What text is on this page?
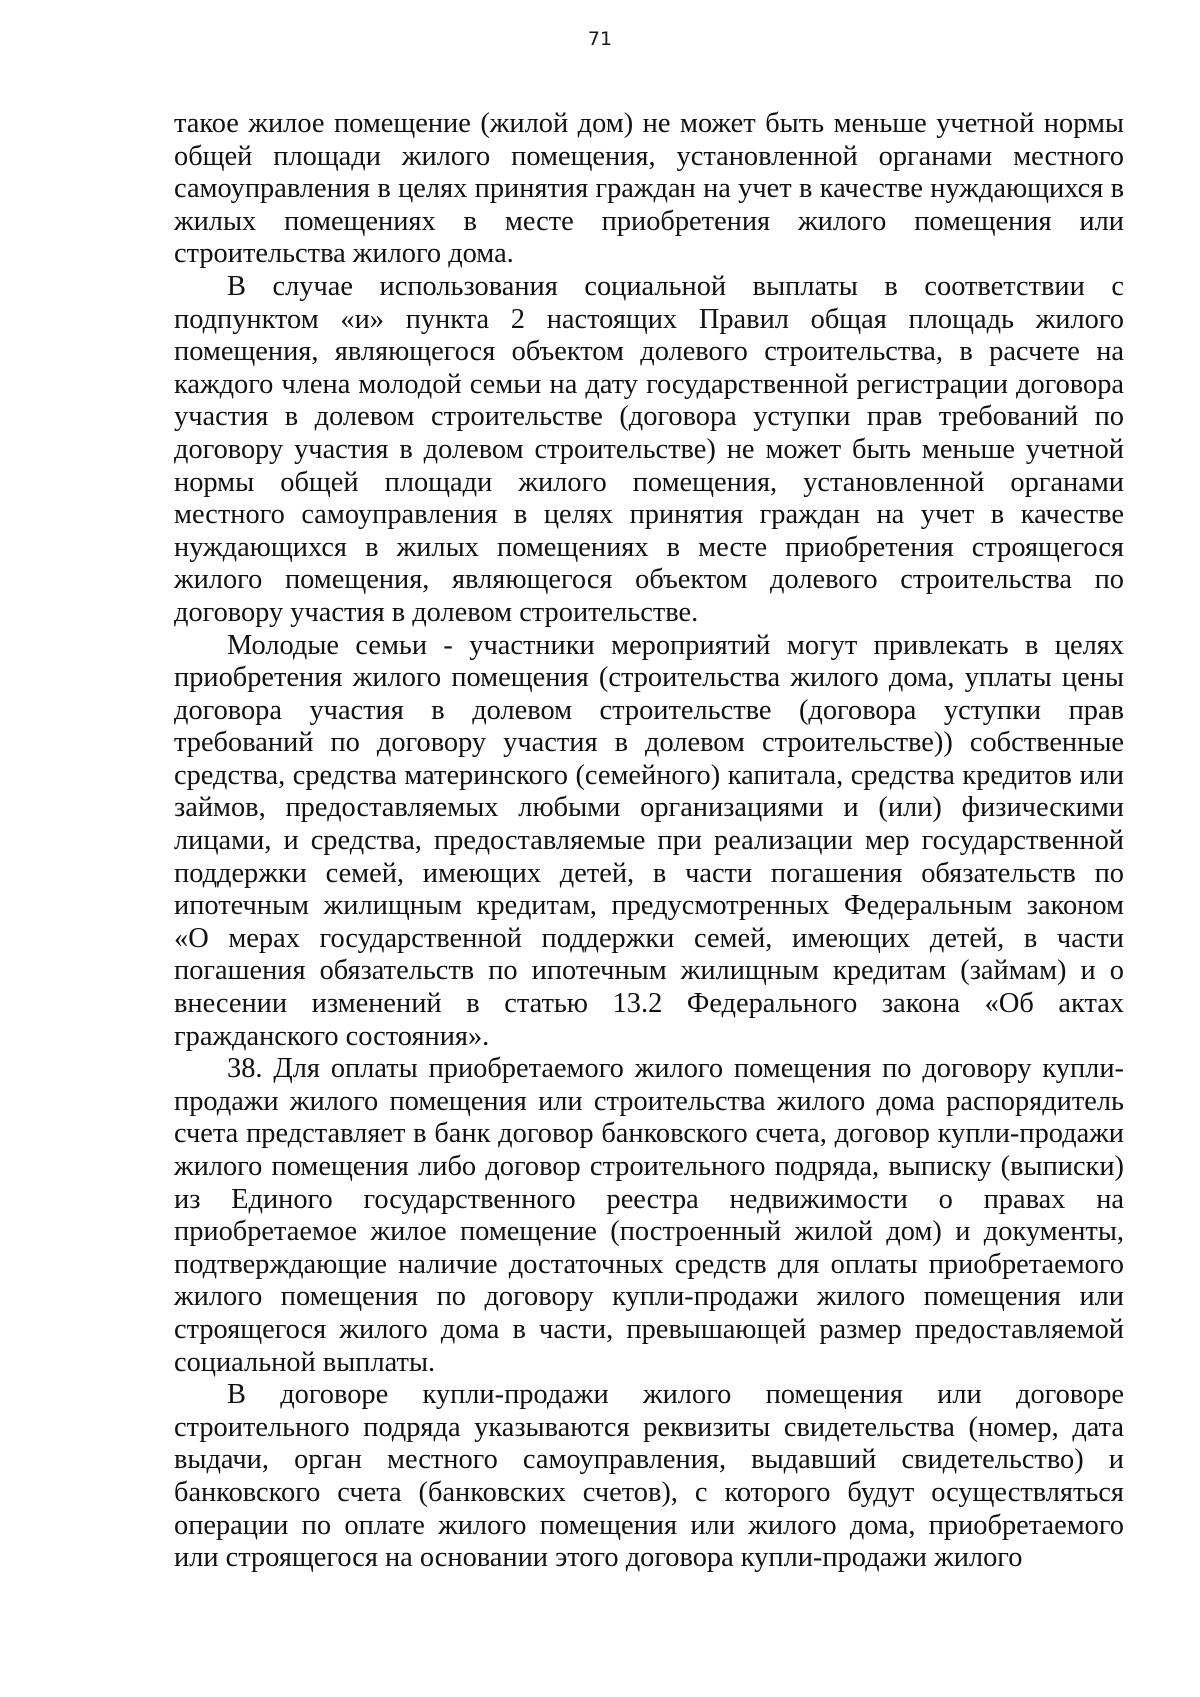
71

такое жилое помещение (жилой дом) не может быть меньше учетной нормы общей площади жилого помещения, установленной органами местного самоуправления в целях принятия граждан на учет в качестве нуждающихся в жилых помещениях в месте приобретения жилого помещения или строительства жилого дома.

В случае использования социальной выплаты в соответствии с подпунктом «и» пункта 2 настоящих Правил общая площадь жилого помещения, являющегося объектом долевого строительства, в расчете на каждого члена молодой семьи на дату государственной регистрации договора участия в долевом строительстве (договора уступки прав требований по договору участия в долевом строительстве) не может быть меньше учетной нормы общей площади жилого помещения, установленной органами местного самоуправления в целях принятия граждан на учет в качестве нуждающихся в жилых помещениях в месте приобретения строящегося жилого помещения, являющегося объектом долевого строительства по договору участия в долевом строительстве.

Молодые семьи - участники мероприятий могут привлекать в целях приобретения жилого помещения (строительства жилого дома, уплаты цены договора участия в долевом строительстве (договора уступки прав требований по договору участия в долевом строительстве)) собственные средства, средства материнского (семейного) капитала, средства кредитов или займов, предоставляемых любыми организациями и (или) физическими лицами, и средства, предоставляемые при реализации мер государственной поддержки семей, имеющих детей, в части погашения обязательств по ипотечным жилищным кредитам, предусмотренных Федеральным законом «О мерах государственной поддержки семей, имеющих детей, в части погашения обязательств по ипотечным жилищным кредитам (займам) и о внесении изменений в статью 13.2 Федерального закона «Об актах гражданского состояния».

38. Для оплаты приобретаемого жилого помещения по договору купли-продажи жилого помещения или строительства жилого дома распорядитель счета представляет в банк договор банковского счета, договор купли-продажи жилого помещения либо договор строительного подряда, выписку (выписки) из Единого государственного реестра недвижимости о правах на приобретаемое жилое помещение (построенный жилой дом) и документы, подтверждающие наличие достаточных средств для оплаты приобретаемого жилого помещения по договору купли-продажи жилого помещения или строящегося жилого дома в части, превышающей размер предоставляемой социальной выплаты.

В договоре купли-продажи жилого помещения или договоре строительного подряда указываются реквизиты свидетельства (номер, дата выдачи, орган местного самоуправления, выдавший свидетельство) и банковского счета (банковских счетов), с которого будут осуществляться операции по оплате жилого помещения или жилого дома, приобретаемого или строящегося на основании этого договора купли-продажи жилого
